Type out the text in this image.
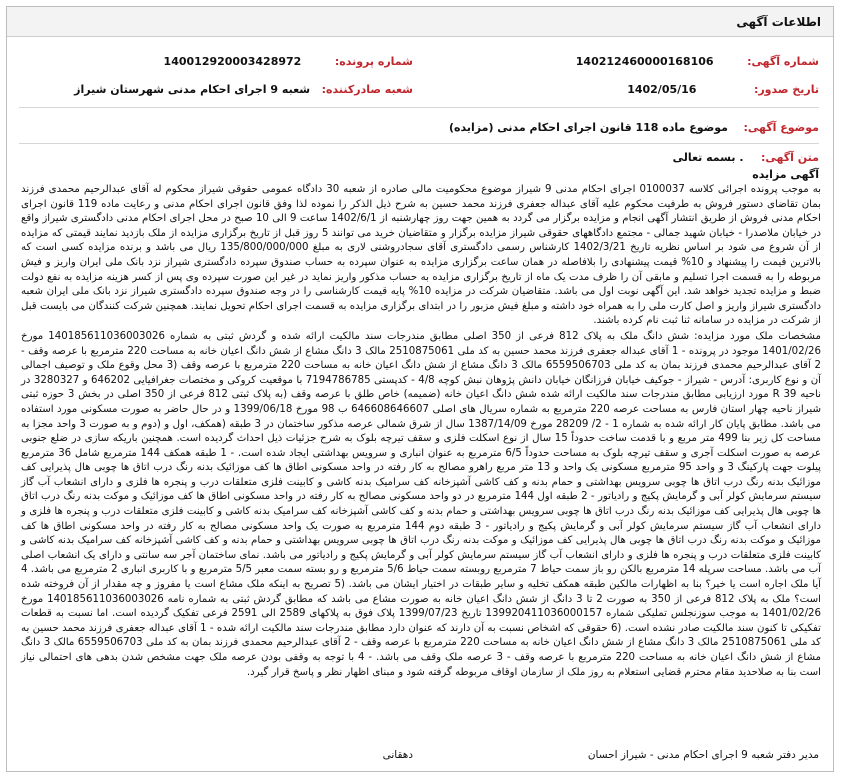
اطلاعات آگهی
شماره آگهی: 140212460000168106
شماره پرونده: 140012920003428972
تاریخ صدور: 1402/05/16
شعبه صادرکننده: شعبه 9 اجرای احکام مدنی شهرستان شیراز
موضوع آگهی: موضوع ماده 118 قانون اجرای احکام مدنی (مزایده)
متن آگهی: . بسمه تعالی
آگهی مزایده

به موجب پرونده اجرائی کلاسه 0100037 اجرای احکام مدنی 9 شیراز موضوع محکومیت مالی صادره از شعبه 30 دادگاه عمومی حقوقی شیراز محکوم له آقای عبدالرحیم محمدی فرزند بمان تقاضای دستور فروش به طرفیت محکوم علیه آقای عبداله جعفری فرزند محمد حسین به شرح ذیل الذکر را نموده لذا وفق قانون اجرای احکام مدنی و رعایت ماده 119 قانون اجرای احکام مدنی فروش از طریق انتشار آگهی انجام و مزایده برگزار می گردد به همین جهت روز چهارشنبه از 1402/6/1 ساعت 9 الی 10 صبح در محل اجرای احکام مدنی دادگستری شیراز واقع در خیابان ملاصدرا - خیابان شهید جمالی - مجتمع دادگاههای حقوقی شیراز مزایده برگزار و متقاضیان خرید می توانند 5 روز قبل از تاریخ برگزاری مزایده از ملک بازدید نمایند قیمتی که مزایده از آن شروع می شود بر اساس نظریه تاریخ 1402/3/21 کارشناس رسمی دادگستری آقای سجادروشنی لاری به مبلغ 135/800/000/000 ریال می باشد و برنده مزایده کسی است که بالاترین قیمت را پیشنهاد و 10% قیمت پیشنهادی را بلافاصله در همان ساعت برگزاری مزایده به عنوان سپرده به حساب صندوق سپرده دادگستری شیراز نزد بانک ملی ایران واریز و فیش مربوطه را به قسمت اجرا تسلیم و مابقی آن را ظرف مدت یک ماه از تاریخ برگزاری مزایده به حساب مذکور واریز نماید در غیر این صورت سپرده وی پس از کسر هزینه مزایده به نفع دولت ضبط و مزایده تجدید خواهد شد. این آگهی نوبت اول می باشد. متقاضیان شرکت در مزایده 10% پایه قیمت کارشناسی را در وجه صندوق سپرده دادگستری شیراز نزد بانک ملی ایران شعبه دادگستری شیراز واریز و اصل کارت ملی را به همراه خود داشته و مبلغ فیش مزبور را در ابتدای برگزاری مزایده به قسمت اجرای احکام تحویل نمایند. همچنین شرکت کنندگان می بایست قبل از شرکت در مزایده در سامانه ثنا ثبت نام کرده باشند.

مشخصات ملک مورد مزایده: شش دانگ ملک به پلاک 812 فرعی از 350 اصلی مطابق مندرجات سند مالکیت ارائه شده و گردش ثبتی به شماره 140185611036003026 مورخ 1401/02/26 موجود در پرونده - 1 آقای عبداله جعفری فرزند محمد حسین به کد ملی 2510875061 مالک 3 دانگ مشاع از شش دانگ اعیان خانه به مساحت 220 مترمربع با عرصه وقف - 2 آقای عبدالرحیم محمدی فرزند بمان به کد ملی 6559506703 مالک 3 دانگ مشاع از شش دانگ اعیان خانه به مساحت 220 مترمربع با عرصه وقف (3 محل وقوع ملک و توصیف اجمالی آن و نوع کاربری: آدرس - شیراز - جوکیف خیابان فرزانگان خیابان دانش پژوهان نبش کوچه 4/8 - کدپستی 7194786785 با موقعیت کروکی و مختصات جغرافیایی 646202 و 3280327 در ناحیه 39 R مورد ارزیابی مطابق مندرجات سند مالکیت ارائه شده شش دانگ اعیان خانه (ضمیمه) خاص طلق با عرصه وقف (به پلاک ثبتی 812 فرعی از 350 اصلی در بخش 3 حوزه ثبتی شیراز ناحیه چهار استان فارس به مساحت عرصه 220 مترمربع به شماره سریال های اصلی 646608646607 ب 98 مورخ 1399/06/18 و در حال حاضر به صورت مسکونی مورد استفاده می باشد. مطابق پایان کار ارائه شده به شماره 1 - 2/ 28209 مورخ 1387/14/09 سال از شرق شمالی عرصه مذکور ساختمان در 3 طبقه (همکف، اول و (دوم و به صورت 3 واحد مجزا به مساحت کل زیر بنا 499 متر مربع و با قدمت ساخت حدوداً 15 سال از نوع اسکلت فلزی و سقف تیرچه بلوک به شرح جزئیات ذیل احداث گردیده است. همچنین باریکه سازی در ضلع جنوبی عرصه به صورت اسکلت آجری و سقف تیرچه بلوک به مساحت حدوداً 6/5 مترمربع به عنوان انباری و سرویس بهداشتی ایجاد شده است. - 1 طبقه همکف 144 مترمربع شامل 36 مترمربع پیلوت جهت پارکینگ 3 و واحد 95 مترمربع مسکونی یک واحد و 13 متر مربع راهرو مصالح به کار رفته در واحد مسکونی اطاق ها کف موزائیک بدنه رنگ درب اتاق ها چوبی هال پذیرایی کف موزائیک بدنه رنگ درب اتاق ها چوبی سرویس بهداشتی و حمام بدنه و کف کاشی آشپزخانه کف سرامیک بدنه کاشی و کابینت فلزی متعلقات درب و پنجره ها فلزی و دارای انشعاب آب گاز سیستم سرمایش کولر آبی و گرمایش پکیج و رادیاتور - 2 طبقه اول 144 مترمربع در دو واحد مسکونی مصالح به کار رفته در واحد مسکونی اطاق ها کف موزائیک و موکت بدنه رنگ درب اتاق ها چوبی هال پذیرایی کف موزائیک بدنه رنگ درب اتاق ها چوبی سرویس بهداشتی و حمام بدنه و کف کاشی آشپزخانه کف سرامیک بدنه کاشی و کابینت فلزی متعلقات درب و پنجره ها فلزی و دارای انشعاب آب گاز سیستم سرمایش کولر آبی و گرمایش پکیج و رادیاتور - 3 طبقه دوم 144 مترمربع به صورت یک واحد مسکونی مصالح به کار رفته در واحد مسکونی اطاق ها کف موزائیک و موکت بدنه رنگ درب اتاق ها چوبی هال پذیرایی کف موزائیک و موکت بدنه رنگ درب اتاق ها چوبی سرویس بهداشتی و حمام بدنه و کف کاشی آشپزخانه کف سرامیک بدنه کاشی و کابینت فلزی متعلقات درب و پنجره ها فلزی و دارای انشعاب آب گاز سیستم سرمایش کولر آبی و گرمایش پکیج و رادیاتور می باشد. نمای ساختمان آجر سه سانتی و دارای یک انشعاب اصلی آب می باشد. مساحت سرپله 14 مترمربع بالکن رو باز سمت حیاط 7 مترمربع روبسته سمت حیاط 5/6 مترمربع و رو بسته سمت معبر 5/5 مترمربع و با کاربری انباری 2 مترمربع می باشد. 4 آیا ملک اجاره است یا خیر؟ بنا به اظهارات مالکین طبقه همکف تخلیه و سایر طبقات در اختیار ایشان می باشد. (5 تصریح به اینکه ملک مشاع است یا مفروز و چه مقدار از آن فروخته شده است؟ ملک به پلاک 812 فرعی از 350 به صورت 2 تا 3 دانگ از شش دانگ اعیان خانه به صورت مشاع می باشد که مطابق گردش ثبتی به شماره نامه 140185611036003026 مورخ 1401/02/26 به موجب سوزنجلس تملیکی شماره 139920411036000157 تاریخ 1399/07/23 پلاک فوق به پلاکهای 2589 الی 2591 فرعی تفکیک گردیده است. اما نسبت به قطعات تفکیکی تا کنون سند مالکیت صادر نشده است. (6 حقوقی که اشخاص نسبت به آن دارند که عنوان دارد مطابق مندرجات سند مالکیت ارائه شده - 1 آقای عبداله جعفری فرزند محمد حسین به کد ملی 2510875061 مالک 3 دانگ مشاع از شش دانگ اعیان خانه به مساحت 220 مترمربع با عرصه وقف - 2 آقای عبدالرحیم محمدی فرزند بمان به کد ملی 6559506703 مالک 3 دانگ مشاع از شش دانگ اعیان خانه به مساحت 220 مترمربع با عرصه وقف - 3 عرصه ملک وقف می باشد. - 4 با توجه به وقفی بودن عرصه ملک جهت مشخص شدن بدهی های احتمالی نیاز است بنا به صلاحدید مقام محترم قضایی استعلام به روز ملک از سازمان اوقاف مربوطه گرفته شود و مبنای اظهار نظر و پاسخ قرار گیرد.

مدیر دفتر شعبه 9 اجرای احکام مدنی - شیراز احسان
دهقانی
